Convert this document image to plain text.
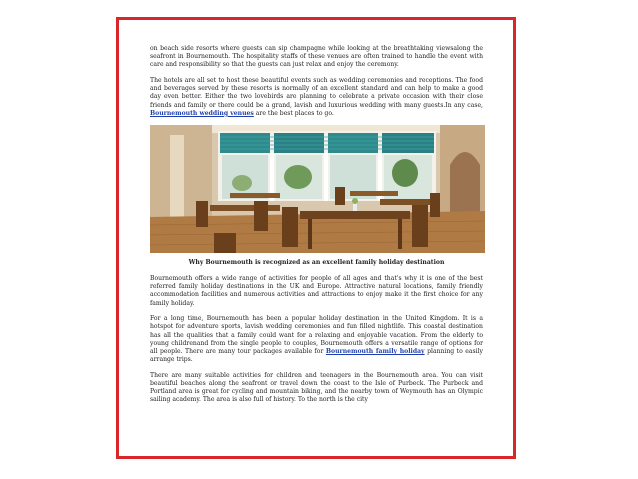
on beach side resorts where guests can sip champagne while looking at the breathtaking viewsalong the seafront in Bournemouth. The hospitality staffs of these venues are often trained to handle the event with care and responsibility so that the guests can just relax and enjoy the ceremony.

The hotels are all set to host these beautiful events such as wedding ceremonies and receptions. The food and beverages served by these resorts is normally of an excellent standard and can help to make a good day even better. Either the two lovebirds are planning to celebrate a private occasion with their close friends and family or there could be a grand, lavish and luxurious wedding with many guests.In any case, Bournemouth wedding venues are the best places to go.

Why Bournemouth is recognized as an excellent family holiday destination

Bournemouth offers a wide range of activities for people of all ages and that's why it is one of the best referred family holiday destinations in the UK and Europe. Attractive natural locations, family friendly accommodation facilities and numerous activities and attractions to enjoy make it the first choice for any family holiday.

For a long time, Bournemouth has been a popular holiday destination in the United Kingdom. It is a hotspot for adventure sports, lavish wedding ceremonies and fun filled nightlife. This coastal destination has all the qualities that a family could want for a relaxing and enjoyable vacation. From the elderly to young childrenand from the single people to couples, Bournemouth offers a versatile range of options for all people. There are many tour packages available for Bournemouth family holiday planning to easily arrange trips.

There are many suitable activities for children and teenagers in the Bournemouth area. You can visit beautiful beaches along the seafront or travel down the coast to the Isle of Purbeck. The Purbeck and Portland area is great for cycling and mountain biking, and the nearby town of Weymouth has an Olympic sailing academy. The area is also full of history. To the north is the city
